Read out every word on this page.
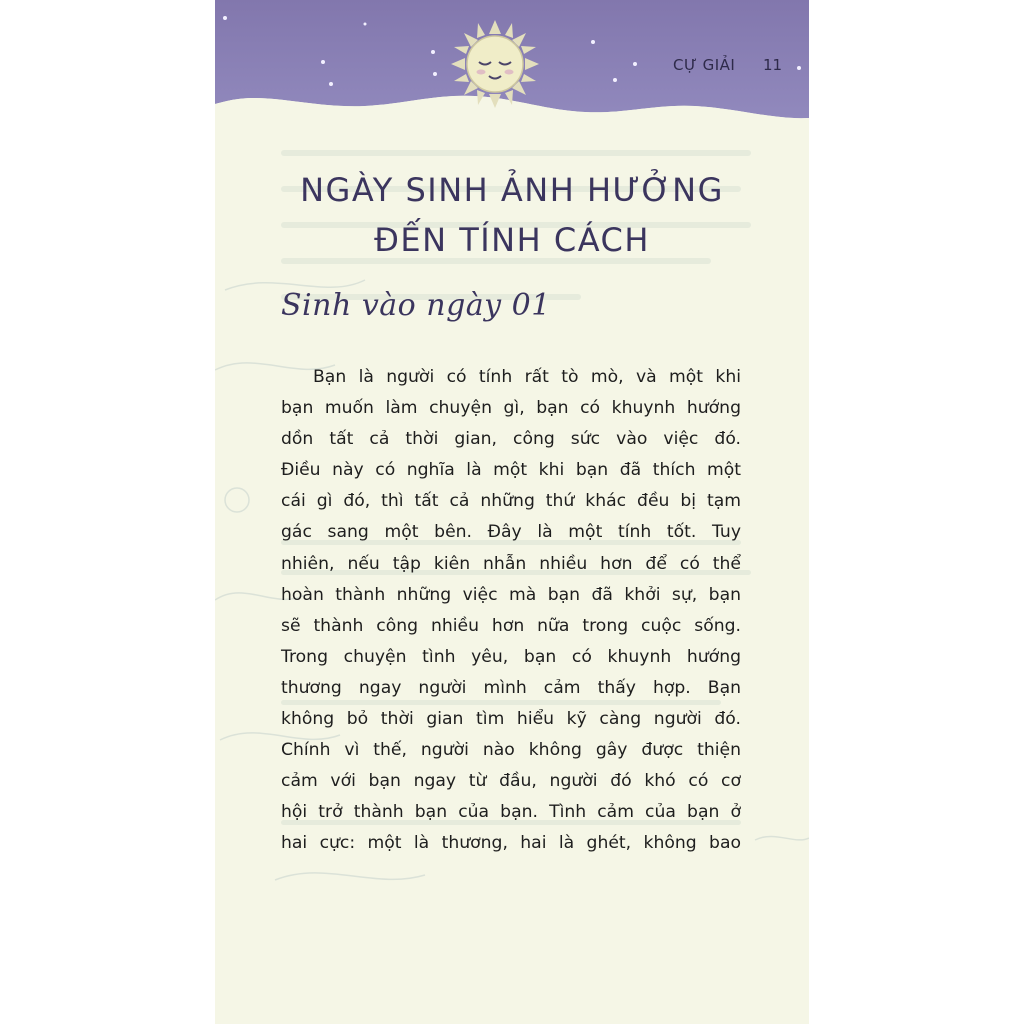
CỰ GIẢI 11
NGÀY SINH ẢNH HƯỞNG
ĐẾN TÍNH CÁCH
Sinh vào ngày 01
Bạn là người có tính rất tò mò, và một khi
bạn muốn làm chuyện gì, bạn có khuynh hướng
dồn tất cả thời gian, công sức vào việc đó.
Điều này có nghĩa là một khi bạn đã thích một
cái gì đó, thì tất cả những thứ khác đều bị tạm
gác sang một bên. Đây là một tính tốt. Tuy
nhiên, nếu tập kiên nhẫn nhiều hơn để có thể
hoàn thành những việc mà bạn đã khởi sự, bạn
sẽ thành công nhiều hơn nữa trong cuộc sống.
Trong chuyện tình yêu, bạn có khuynh hướng
thương ngay người mình cảm thấy hợp. Bạn
không bỏ thời gian tìm hiểu kỹ càng người đó.
Chính vì thế, người nào không gây được thiện
cảm với bạn ngay từ đầu, người đó khó có cơ
hội trở thành bạn của bạn. Tình cảm của bạn ở
hai cực: một là thương, hai là ghét, không bao
